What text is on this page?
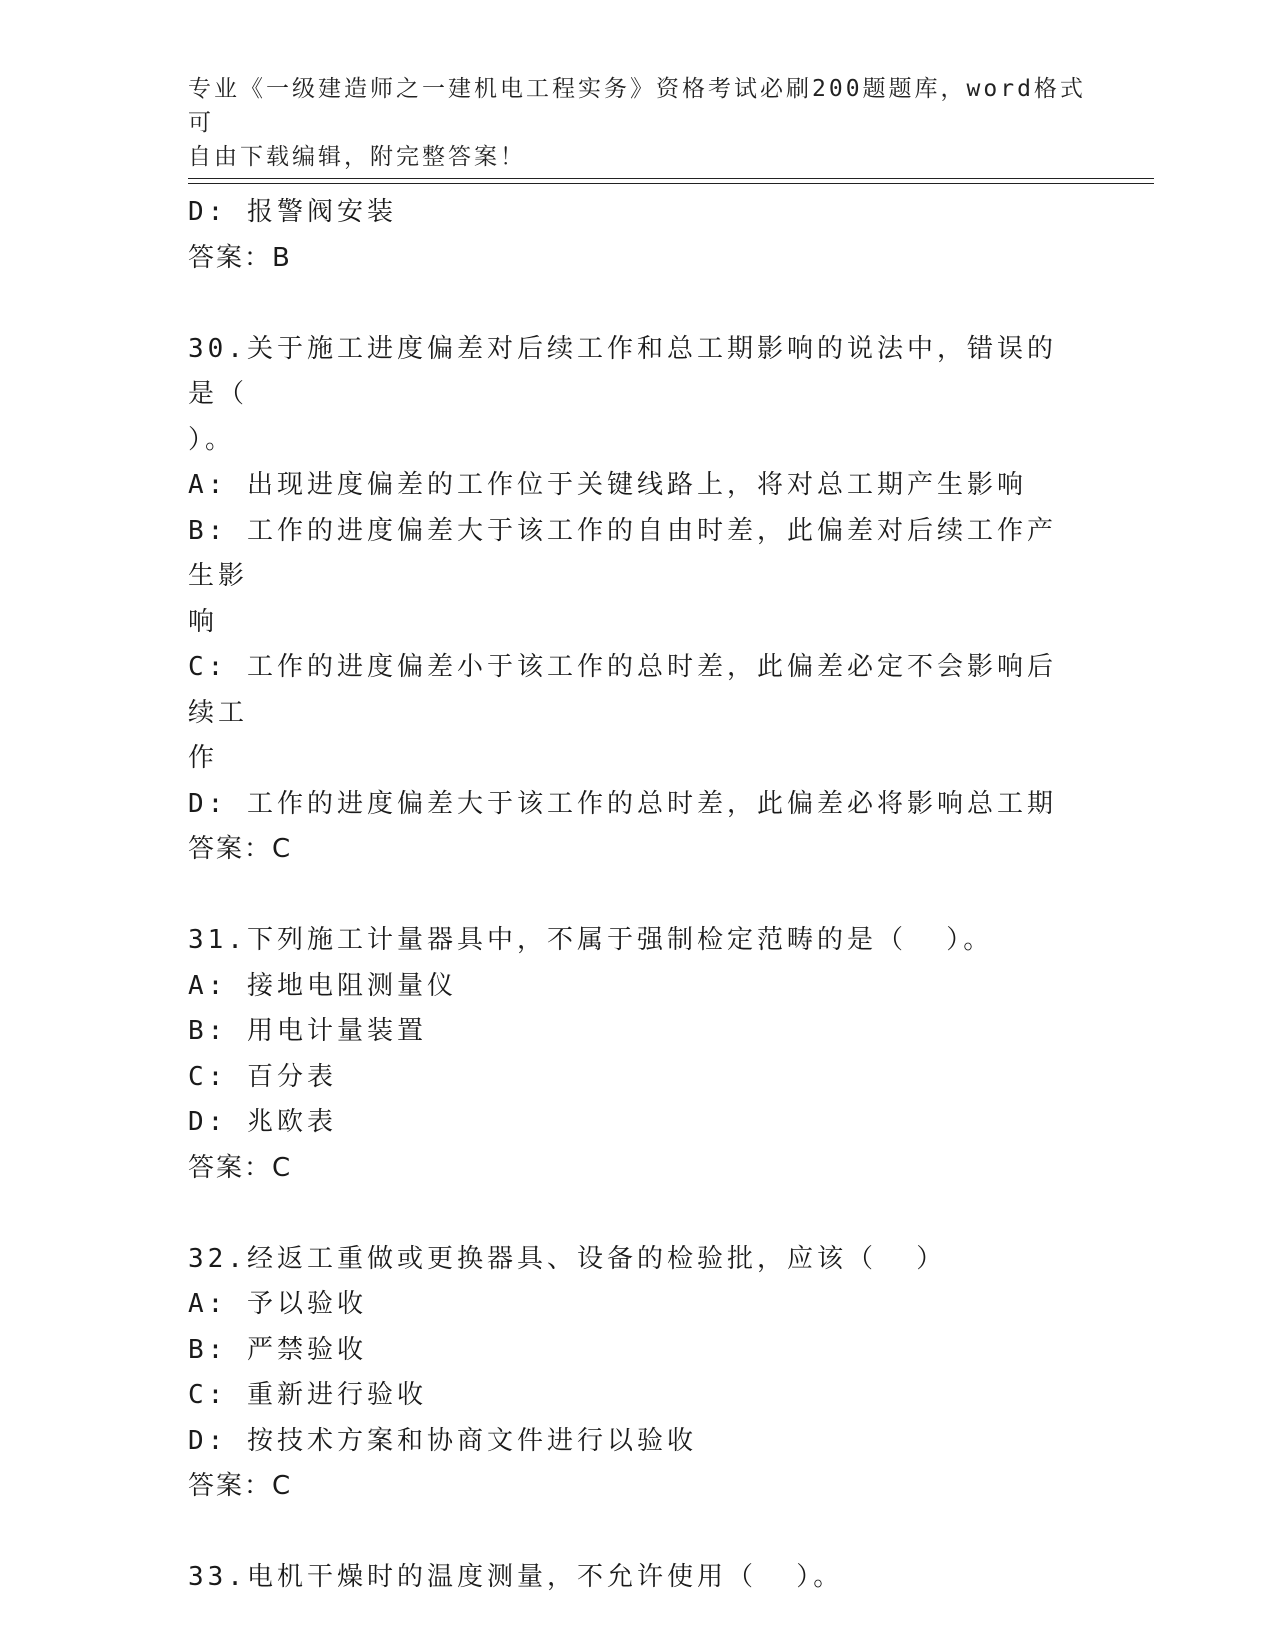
专业《一级建造师之一建机电工程实务》资格考试必刷200题题库，word格式可
自由下载编辑，附完整答案！
D: 报警阀安装
答案：B
30.关于施工进度偏差对后续工作和总工期影响的说法中，错误的是（
）。
A: 出现进度偏差的工作位于关键线路上，将对总工期产生影响
B: 工作的进度偏差大于该工作的自由时差，此偏差对后续工作产生影
响
C: 工作的进度偏差小于该工作的总时差，此偏差必定不会影响后续工
作
D: 工作的进度偏差大于该工作的总时差，此偏差必将影响总工期
答案：C
31.下列施工计量器具中，不属于强制检定范畴的是（  ）。
A: 接地电阻测量仪
B: 用电计量装置
C: 百分表
D: 兆欧表
答案：C
32.经返工重做或更换器具、设备的检验批，应该（  ）
A: 予以验收
B: 严禁验收
C: 重新进行验收
D: 按技术方案和协商文件进行以验收
答案：C
33.电机干燥时的温度测量，不允许使用（  ）。
